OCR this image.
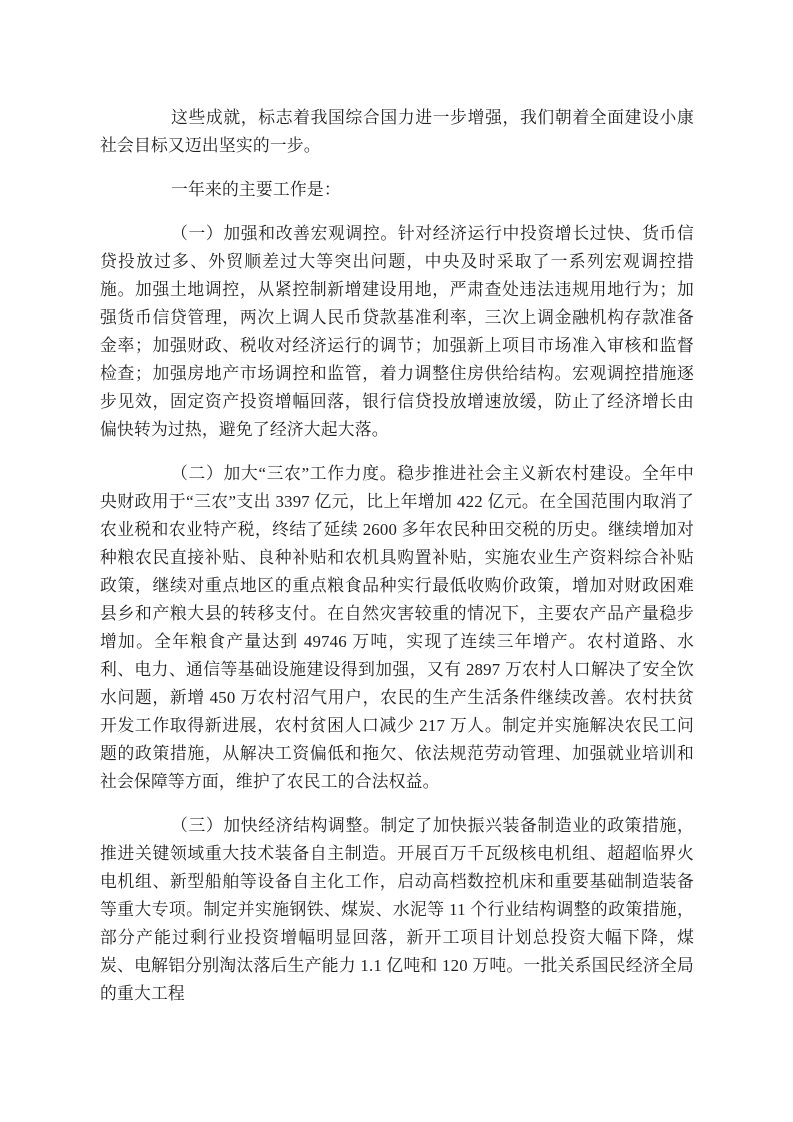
这些成就，标志着我国综合国力进一步增强，我们朝着全面建设小康社会目标又迈出坚实的一步。

一年来的主要工作是：

（一）加强和改善宏观调控。针对经济运行中投资增长过快、货币信贷投放过多、外贸顺差过大等突出问题，中央及时采取了一系列宏观调控措施。加强土地调控，从紧控制新增建设用地，严肃查处违法违规用地行为；加强货币信贷管理，两次上调人民币贷款基准利率，三次上调金融机构存款准备金率；加强财政、税收对经济运行的调节；加强新上项目市场准入审核和监督检查；加强房地产市场调控和监管，着力调整住房供给结构。宏观调控措施逐步见效，固定资产投资增幅回落，银行信贷投放增速放缓，防止了经济增长由偏快转为过热，避免了经济大起大落。

（二）加大“三农”工作力度。稳步推进社会主义新农村建设。全年中央财政用于“三农”支出 3397 亿元，比上年增加 422 亿元。在全国范围内取消了农业税和农业特产税，终结了延续 2600 多年农民种田交税的历史。继续增加对种粮农民直接补贴、良种补贴和农机具购置补贴，实施农业生产资料综合补贴政策，继续对重点地区的重点粮食品种实行最低收购价政策，增加对财政困难县乡和产粮大县的转移支付。在自然灾害较重的情况下，主要农产品产量稳步增加。全年粮食产量达到 49746 万吨，实现了连续三年增产。农村道路、水利、电力、通信等基础设施建设得到加强，又有 2897 万农村人口解决了安全饮水问题，新增 450 万农村沼气用户，农民的生产生活条件继续改善。农村扶贫开发工作取得新进展，农村贫困人口减少 217 万人。制定并实施解决农民工问题的政策措施，从解决工资偏低和拖欠、依法规范劳动管理、加强就业培训和社会保障等方面，维护了农民工的合法权益。

（三）加快经济结构调整。制定了加快振兴装备制造业的政策措施，推进关键领域重大技术装备自主制造。开展百万千瓦级核电机组、超超临界火电机组、新型船舶等设备自主化工作，启动高档数控机床和重要基础制造装备等重大专项。制定并实施钢铁、煤炭、水泥等 11 个行业结构调整的政策措施，部分产能过剩行业投资增幅明显回落，新开工项目计划总投资大幅下降，煤炭、电解铝分别淘汰落后生产能力 1.1 亿吨和 120 万吨。一批关系国民经济全局的重大工程
